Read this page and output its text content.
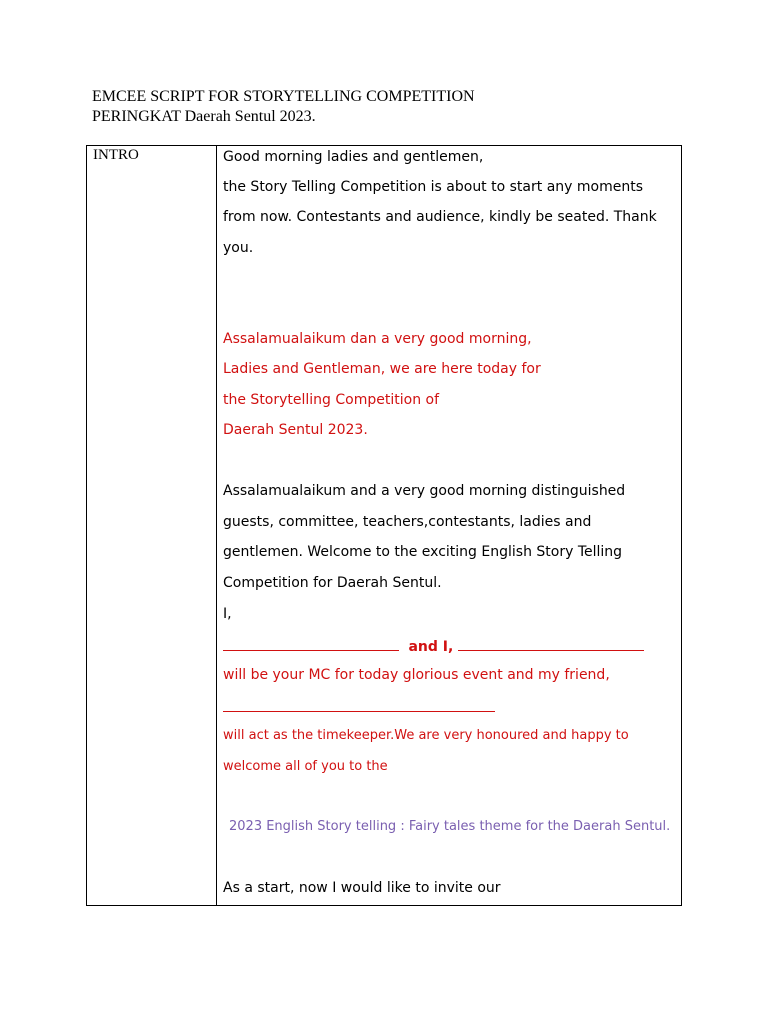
EMCEE SCRIPT FOR STORYTELLING COMPETITION
PERINGKAT Daerah Sentul 2023.
INTRO	Good morning ladies and gentlemen,
the Story Telling Competition is about to start any moments
from now. Contestants and audience, kindly be seated. Thank
you.
Assalamualaikum dan a very good morning,
Ladies and Gentleman, we are here today for
the Storytelling Competition of
Daerah Sentul 2023.
Assalamualaikum and a very good morning distinguished
guests, committee, teachers,contestants, ladies and
gentlemen. Welcome to the exciting English Story Telling
Competition for Daerah Sentul.
I,
and I,
will be your MC for today glorious event and my friend,
will act as the timekeeper.We are very honoured and happy to
welcome all of you to the
2023 English Story telling : Fairy tales theme for the Daerah Sentul.
As a start, now I would like to invite our
